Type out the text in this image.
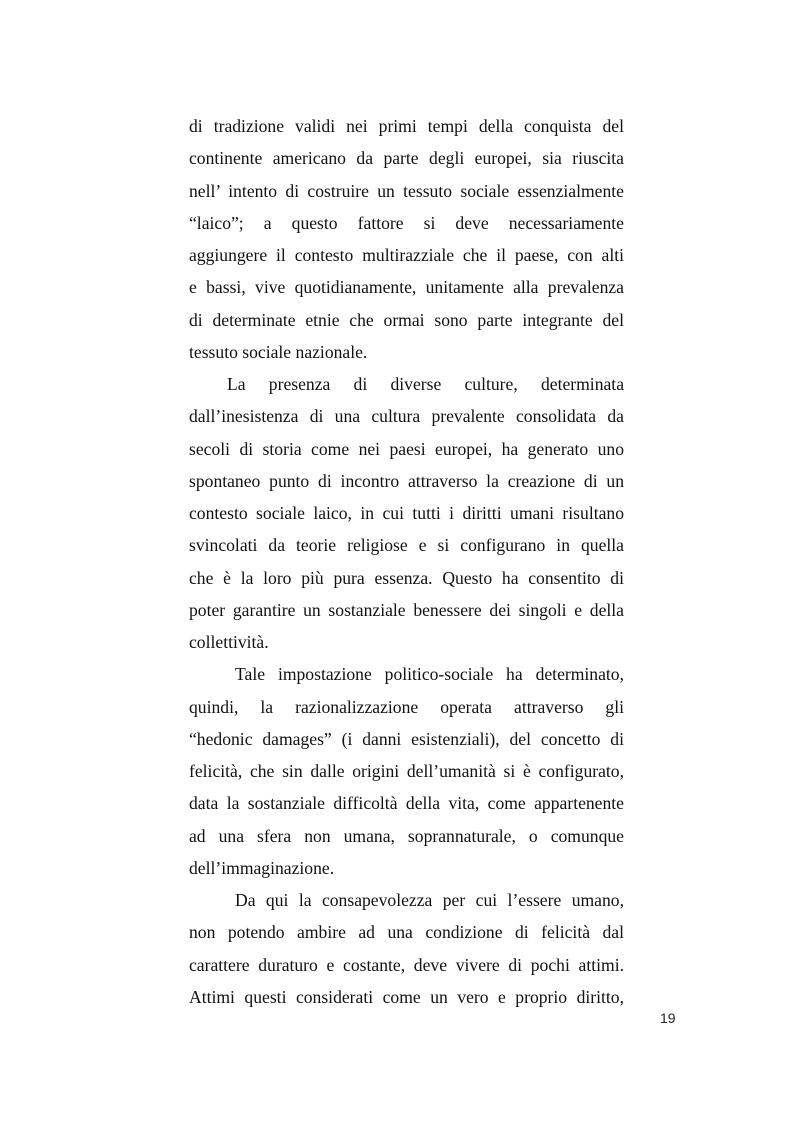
di tradizione validi nei primi tempi della conquista del
continente americano da parte degli europei, sia riuscita
nell’ intento di costruire un tessuto sociale essenzialmente
“laico”; a questo fattore si deve necessariamente
aggiungere il contesto multirazziale che il paese, con alti
e bassi, vive quotidianamente, unitamente alla prevalenza
di determinate etnie che ormai sono parte integrante del
tessuto sociale nazionale.
La presenza di diverse culture, determinata
dall’inesistenza di una cultura prevalente consolidata da
secoli di storia come nei paesi europei, ha generato uno
spontaneo punto di incontro attraverso la creazione di un
contesto sociale laico, in cui tutti i diritti umani risultano
svincolati da teorie religiose e si configurano in quella
che è la loro più pura essenza. Questo ha consentito di
poter garantire un sostanziale benessere dei singoli e della
collettività.
Tale impostazione politico-sociale ha determinato,
quindi, la razionalizzazione operata attraverso gli
“hedonic damages” (i danni esistenziali), del concetto di
felicità, che sin dalle origini dell’umanità si è configurato,
data la sostanziale difficoltà della vita, come appartenente
ad una sfera non umana, soprannaturale, o comunque
dell’immaginazione.
Da qui la consapevolezza per cui l’essere umano,
non potendo ambire ad una condizione di felicità dal
carattere duraturo e costante, deve vivere di pochi attimi.
Attimi questi considerati come un vero e proprio diritto,
19
